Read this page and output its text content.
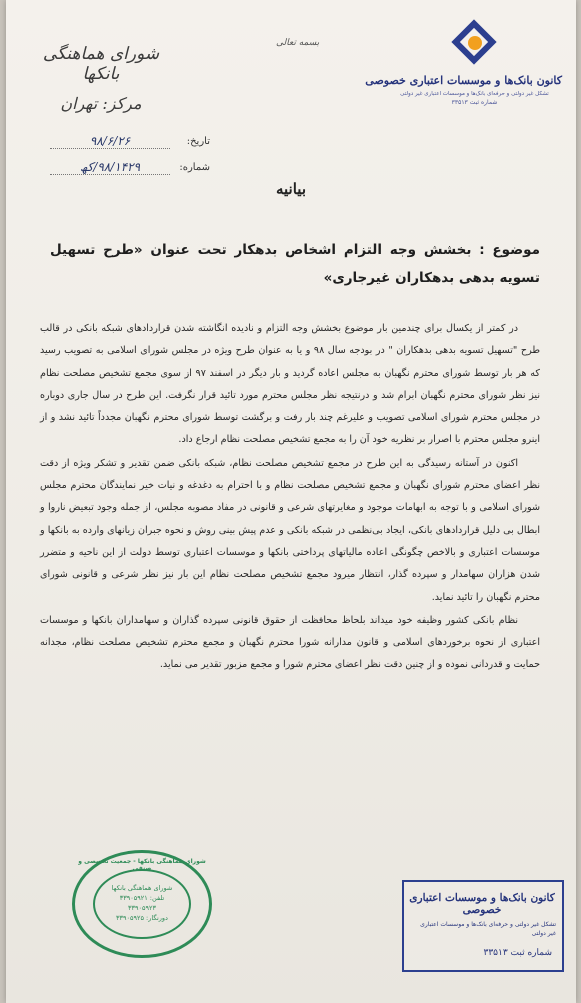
کانون بانک‌ها و موسسات اعتباری خصوصی
تشکل غیر دولتی و حرفه‌ای بانک‌ها و موسسات اعتباری غیر دولتی
شماره ثبت ۳۳۵۱۳
بسمه تعالی
شورای هماهنگی بانکها
مرکز: تهران
تاریخ:
۹۸/۶/۲۶
شماره:
۹۸/۱۴۲۹/کھ
بیانیه
موضوع : بخشش وجه التزام اشخاص بدهکار تحت عنوان «طرح تسهیل تسویه بدهی بدهکاران غیرجاری»

در کمتر از یکسال برای چندمین بار موضوع بخشش وجه التزام و نادیده انگاشته شدن قراردادهای شبکه بانکی در قالب طرح "تسهیل تسویه بدهی بدهکاران " در بودجه سال ۹۸ و یا به عنوان طرح ویژه در مجلس شورای اسلامی به تصویب رسید که هر بار توسط شورای محترم نگهبان به مجلس اعاده گردید و بار دیگر در اسفند ۹۷ از سوی مجمع تشخیص مصلحت نظام نیز نظر شورای محترم نگهبان ابرام شد و درنتیجه نظر مجلس محترم مورد تائید قرار نگرفت. این طرح در سال جاری دوباره در مجلس محترم شورای اسلامی تصویب و علیرغم چند بار رفت و برگشت توسط شورای محترم نگهبان مجدداً تائید نشد و از اینرو مجلس محترم با اصرار بر نظریه خود آن را به مجمع تشخیص مصلحت نظام ارجاع داد.

اکنون در آستانه رسیدگی به این طرح در مجمع تشخیص مصلحت نظام، شبکه بانکی ضمن تقدیر و تشکر ویژه از دقت نظر اعضای محترم شورای نگهبان و مجمع تشخیص مصلحت نظام و با احترام به دغدغه و نیات خیر نمایندگان محترم مجلس شورای اسلامی و با توجه به ابهامات موجود و مغایرتهای شرعی و قانونی در مفاد مصوبه مجلس، از جمله وجود تبعیض ناروا و ابطال بی دلیل قراردادهای بانکی، ایجاد بی‌نظمی در شبکه بانکی و عدم پیش بینی روش و نحوه جبران زیانهای وارده به بانکها و موسسات اعتباری و بالاخص چگونگی اعاده مالیاتهای پرداختی بانکها و موسسات اعتباری توسط دولت از این ناحیه و متضرر شدن هزاران سهامدار و سپرده گذار، انتظار میرود مجمع تشخیص مصلحت نظام این بار نیز نظر شرعی و قانونی شورای محترم نگهبان را تائید نماید.

نظام بانکی کشور وظیفه خود میداند بلحاظ محافظت از حقوق قانونی سپرده گذاران و سهامداران بانکها و موسسات اعتباری از نحوه برخوردهای اسلامی و قانون مدارانه شورا محترم نگهبان و مجمع محترم تشخیص مصلحت نظام، مجدانه حمایت و قدردانی نموده و از چنین دقت نظر اعضای محترم شورا و مجمع مزبور تقدیر می نماید.

شورای هماهنگی بانکها - جمعیت تخصصی و صنفی
شورای هماهنگی بانکها
تلفن: ۳۳۹۰۵۹۲۱
۳۳۹۰۵۹۲۳
دورنگار: ۳۳۹۰۵۹۲۵
کانون بانک‌ها و موسسات اعتباری خصوصی
تشکل غیر دولتی و حرفه‌ای بانک‌ها و موسسات اعتباری غیر دولتی
شماره ثبت ۳۳۵۱۳
